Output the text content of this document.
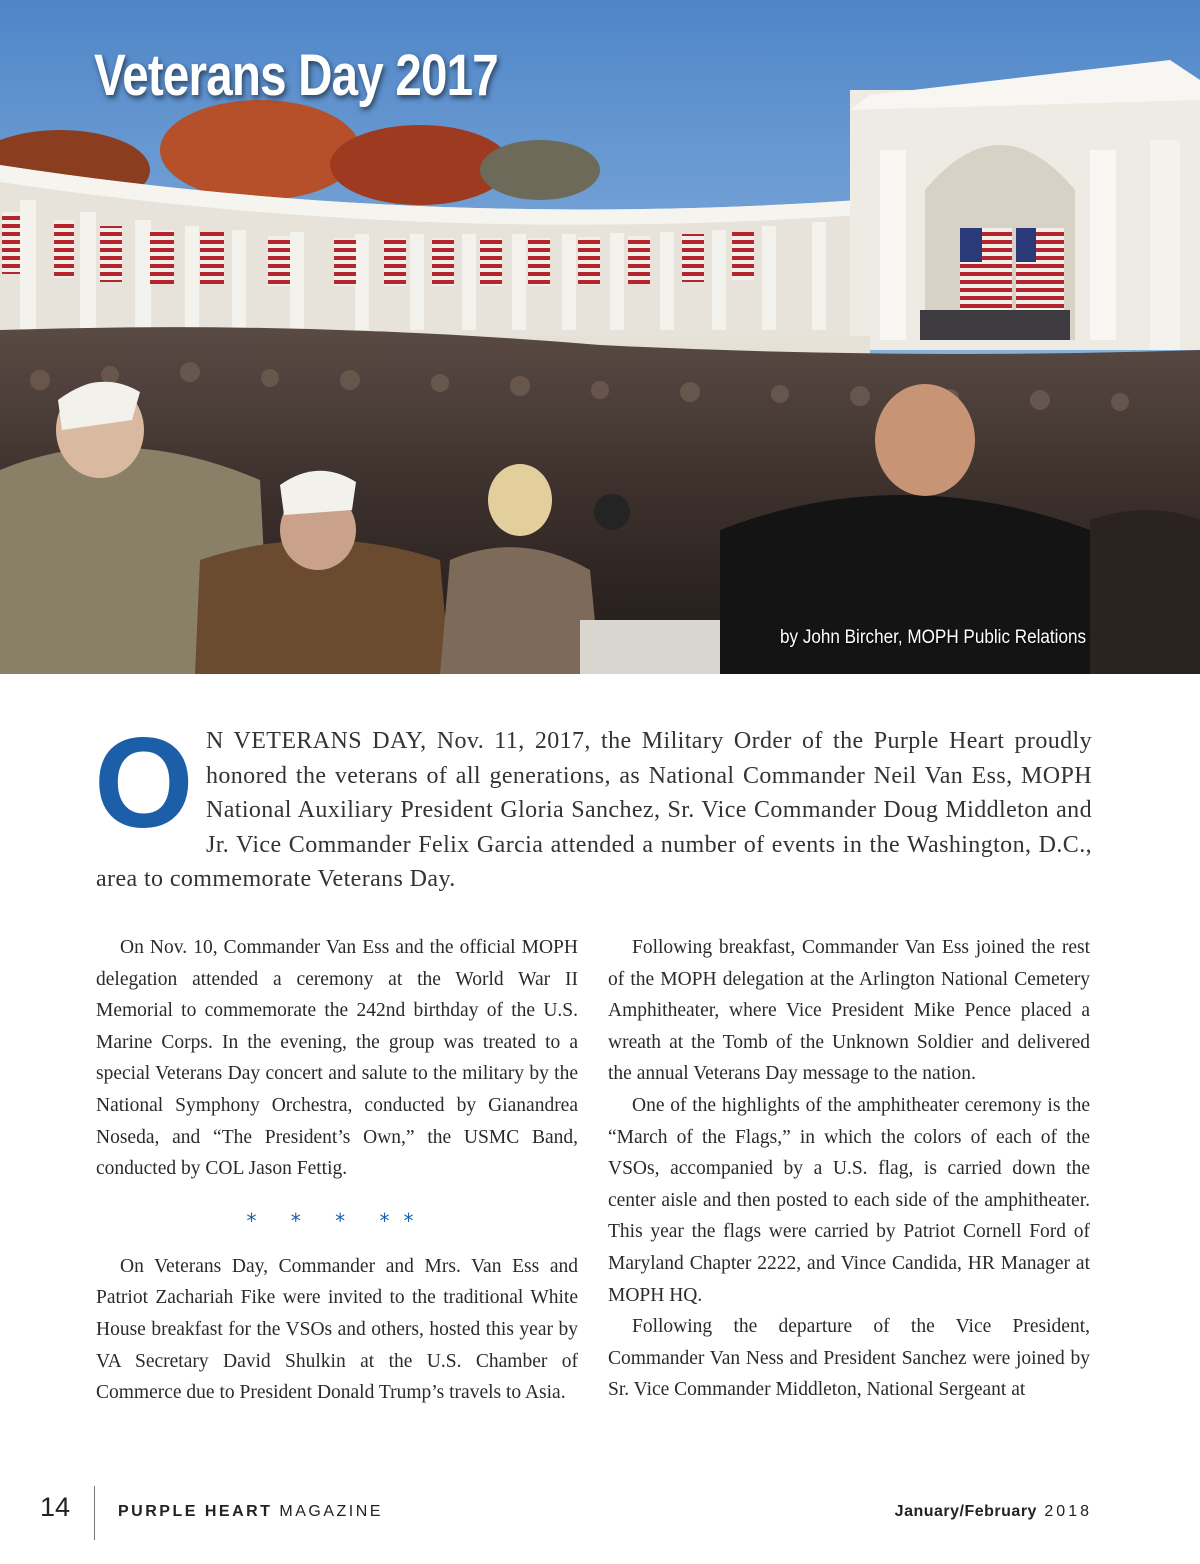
Veterans Day 2017
by John Bircher, MOPH Public Relations

O N VETERANS DAY, Nov. 11, 2017, the Military Order of the Purple Heart proudly honored the veterans of all generations, as National Commander Neil Van Ess, MOPH National Auxiliary President Gloria Sanchez, Sr. Vice Commander Doug Middleton and Jr. Vice Commander Felix Garcia attended a number of events in the Washington, D.C., area to commemorate Veterans Day.

On Nov. 10, Commander Van Ess and the official MOPH delegation attended a ceremony at the World War II Memorial to commemorate the 242nd birthday of the U.S. Marine Corps. In the evening, the group was treated to a special Veterans Day concert and salute to the military by the National Symphony Orchestra, conducted by Gianandrea Noseda, and “The President’s Own,” the USMC Band, conducted by COL Jason Fettig.

* * * **

On Veterans Day, Commander and Mrs. Van Ess and Patriot Zachariah Fike were invited to the traditional White House breakfast for the VSOs and others, hosted this year by VA Secretary David Shulkin at the U.S. Chamber of Commerce due to President Donald Trump’s travels to Asia.

Following breakfast, Commander Van Ess joined the rest of the MOPH delegation at the Arlington National Cemetery Amphitheater, where Vice President Mike Pence placed a wreath at the Tomb of the Unknown Soldier and delivered the annual Veterans Day message to the nation.

One of the highlights of the amphitheater ceremony is the “March of the Flags,” in which the colors of each of the VSOs, accompanied by a U.S. flag, is carried down the center aisle and then posted to each side of the amphitheater. This year the flags were carried by Patriot Cornell Ford of Maryland Chapter 2222, and Vince Candida, HR Manager at MOPH HQ.

Following the departure of the Vice President, Commander Van Ness and President Sanchez were joined by Sr. Vice Commander Middleton, National Sergeant at

14	PURPLE HEART MAGAZINE	January/February 2018
